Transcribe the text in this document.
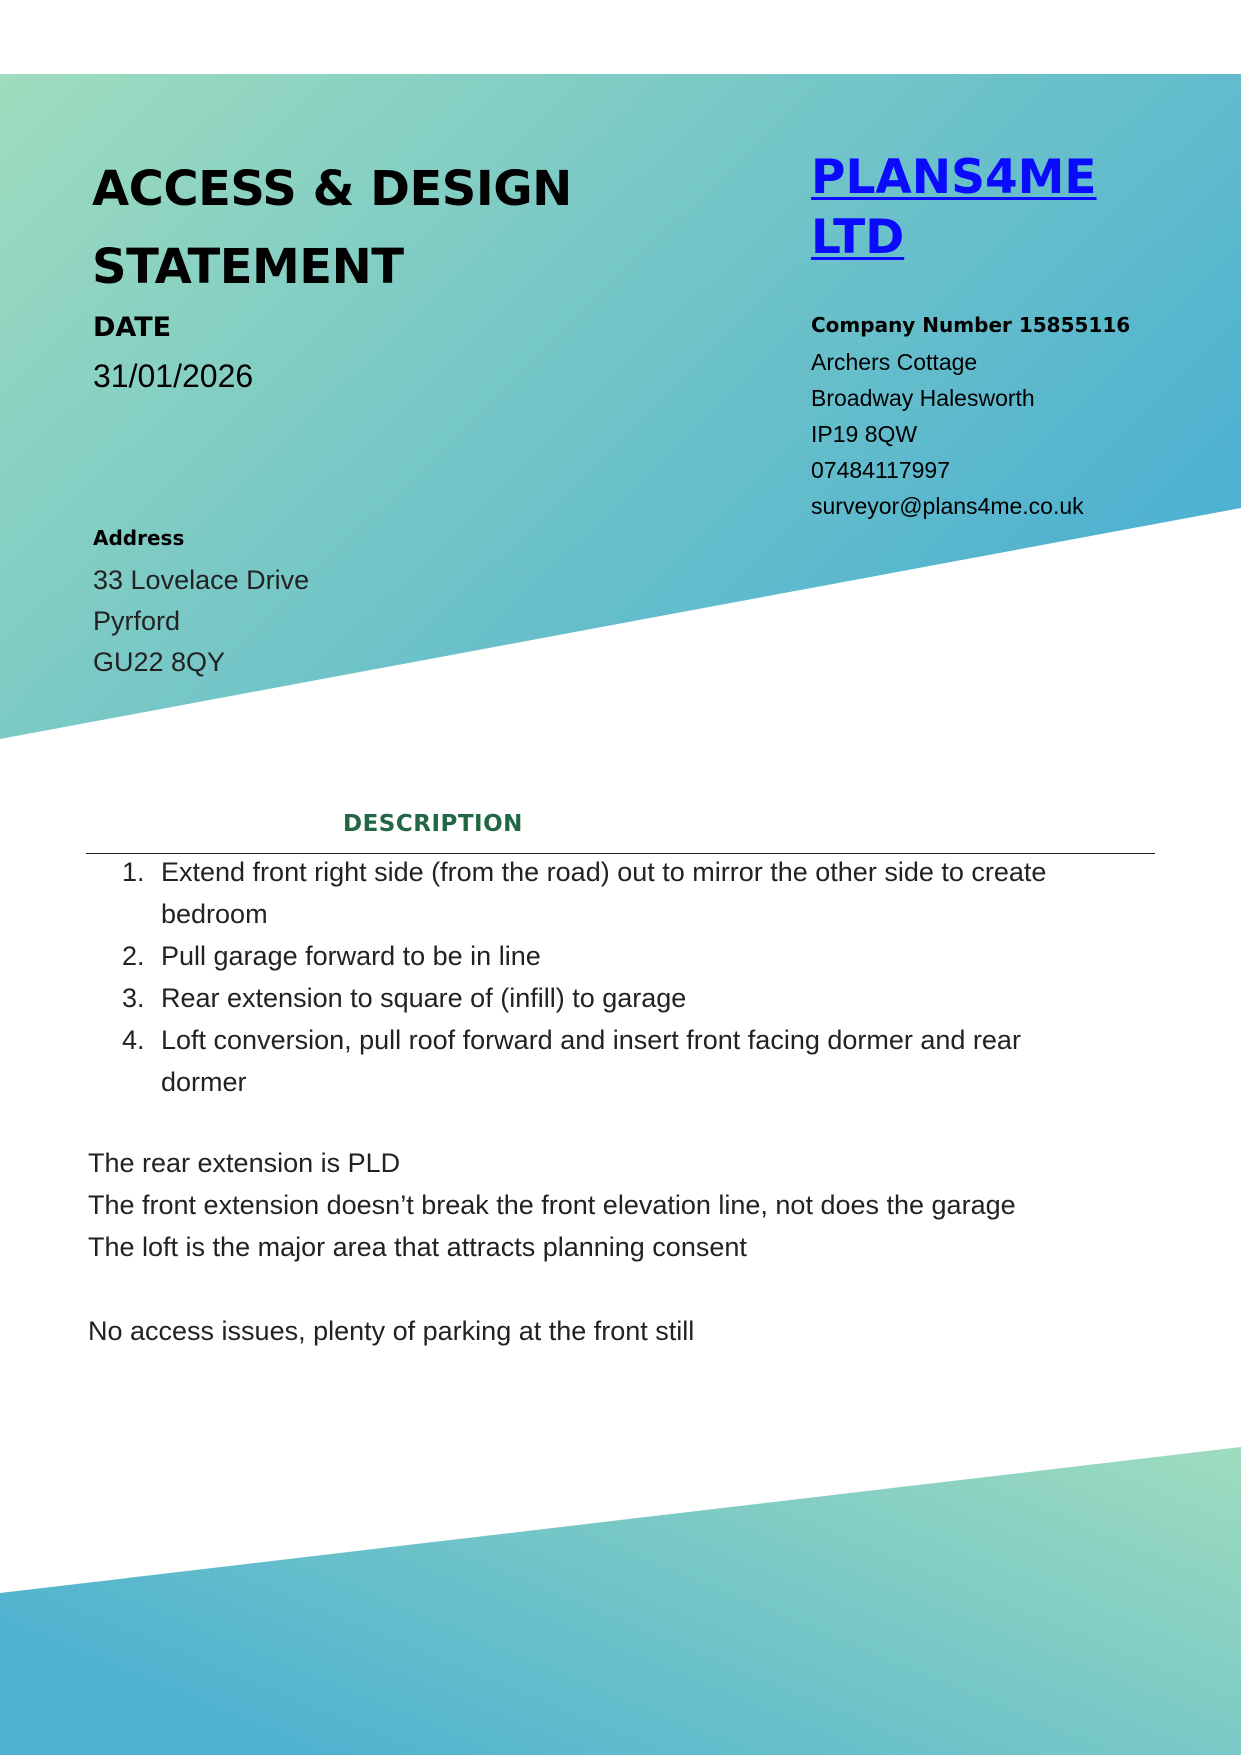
ACCESS & DESIGN
STATEMENT
DATE
31/01/2026
Address
33 Lovelace Drive
Pyrford
GU22 8QY
PLANS4ME
LTD
Company Number 15855116
Archers Cottage
Broadway Halesworth
IP19 8QW
07484117997
surveyor@plans4me.co.uk
DESCRIPTION
1. Extend front right side (from the road) out to mirror the other side to create bedroom
2. Pull garage forward to be in line
3. Rear extension to square of (infill) to garage
4. Loft conversion, pull roof forward and insert front facing dormer and rear dormer

The rear extension is PLD

The front extension doesn’t break the front elevation line, not does the garage

The loft is the major area that attracts planning consent

No access issues, plenty of parking at the front still
